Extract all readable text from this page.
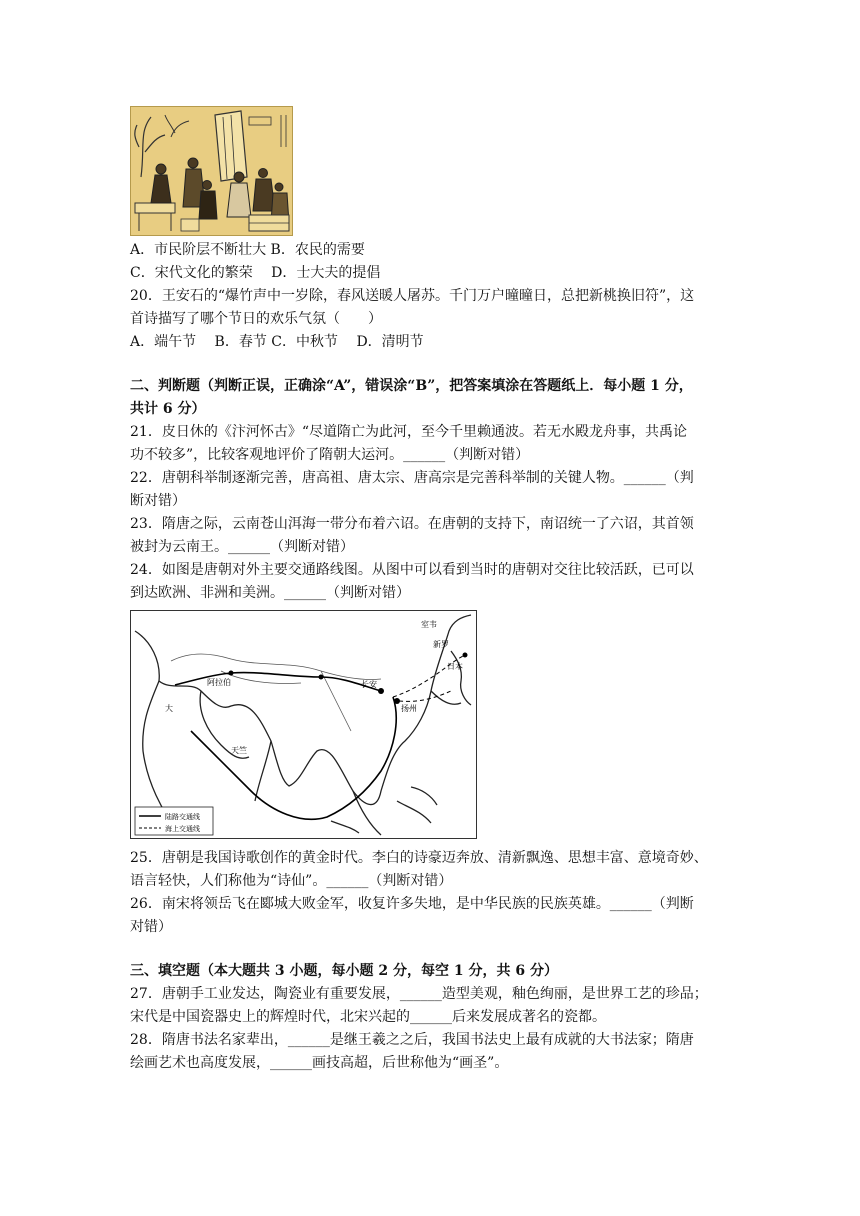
A．市民阶层不断壮大 B．农民的需要
C．宋代文化的繁荣　 D．士大夫的提倡
20．王安石的“爆竹声中一岁除，春风送暖人屠苏。千门万户曈曈日，总把新桃换旧符”，这
首诗描写了哪个节日的欢乐气氛（　　）
A．端午节　 B．春节 C．中秋节　 D．清明节
二、判断题（判断正误，正确涂“A”，错误涂“B”，把答案填涂在答题纸上．每小题 1 分，
共计 6 分）
21．皮日休的《汴河怀古》“尽道隋亡为此河，至今千里赖通波。若无水殿龙舟事，共禹论
功不较多”，比较客观地评价了隋朝大运河。______（判断对错）
22．唐朝科举制逐渐完善，唐高祖、唐太宗、唐高宗是完善科举制的关键人物。______（判
断对错）
23．隋唐之际，云南苍山洱海一带分布着六诏。在唐朝的支持下，南诏统一了六诏，其首领
被封为云南王。______（判断对错）
24．如图是唐朝对外主要交通路线图。从图中可以看到当时的唐朝对交往比较活跃，已可以
到达欧洲、非洲和美洲。______（判断对错）
大
阿拉伯
天竺
长安
扬州
日本
新罗
室韦
陆路交通线
海上交通线
25．唐朝是我国诗歌创作的黄金时代。李白的诗豪迈奔放、清新飘逸、思想丰富、意境奇妙、
语言轻快，人们称他为“诗仙”。______（判断对错）
26．南宋将领岳飞在郾城大败金军，收复许多失地，是中华民族的民族英雄。______（判断
对错）
三、填空题（本大题共 3 小题，每小题 2 分，每空 1 分，共 6 分）
27．唐朝手工业发达，陶瓷业有重要发展，______造型美观，釉色绚丽，是世界工艺的珍品；
宋代是中国瓷器史上的辉煌时代，北宋兴起的______后来发展成著名的瓷都。
28．隋唐书法名家辈出，______是继王羲之之后，我国书法史上最有成就的大书法家；隋唐
绘画艺术也高度发展，______画技高超，后世称他为“画圣”。
